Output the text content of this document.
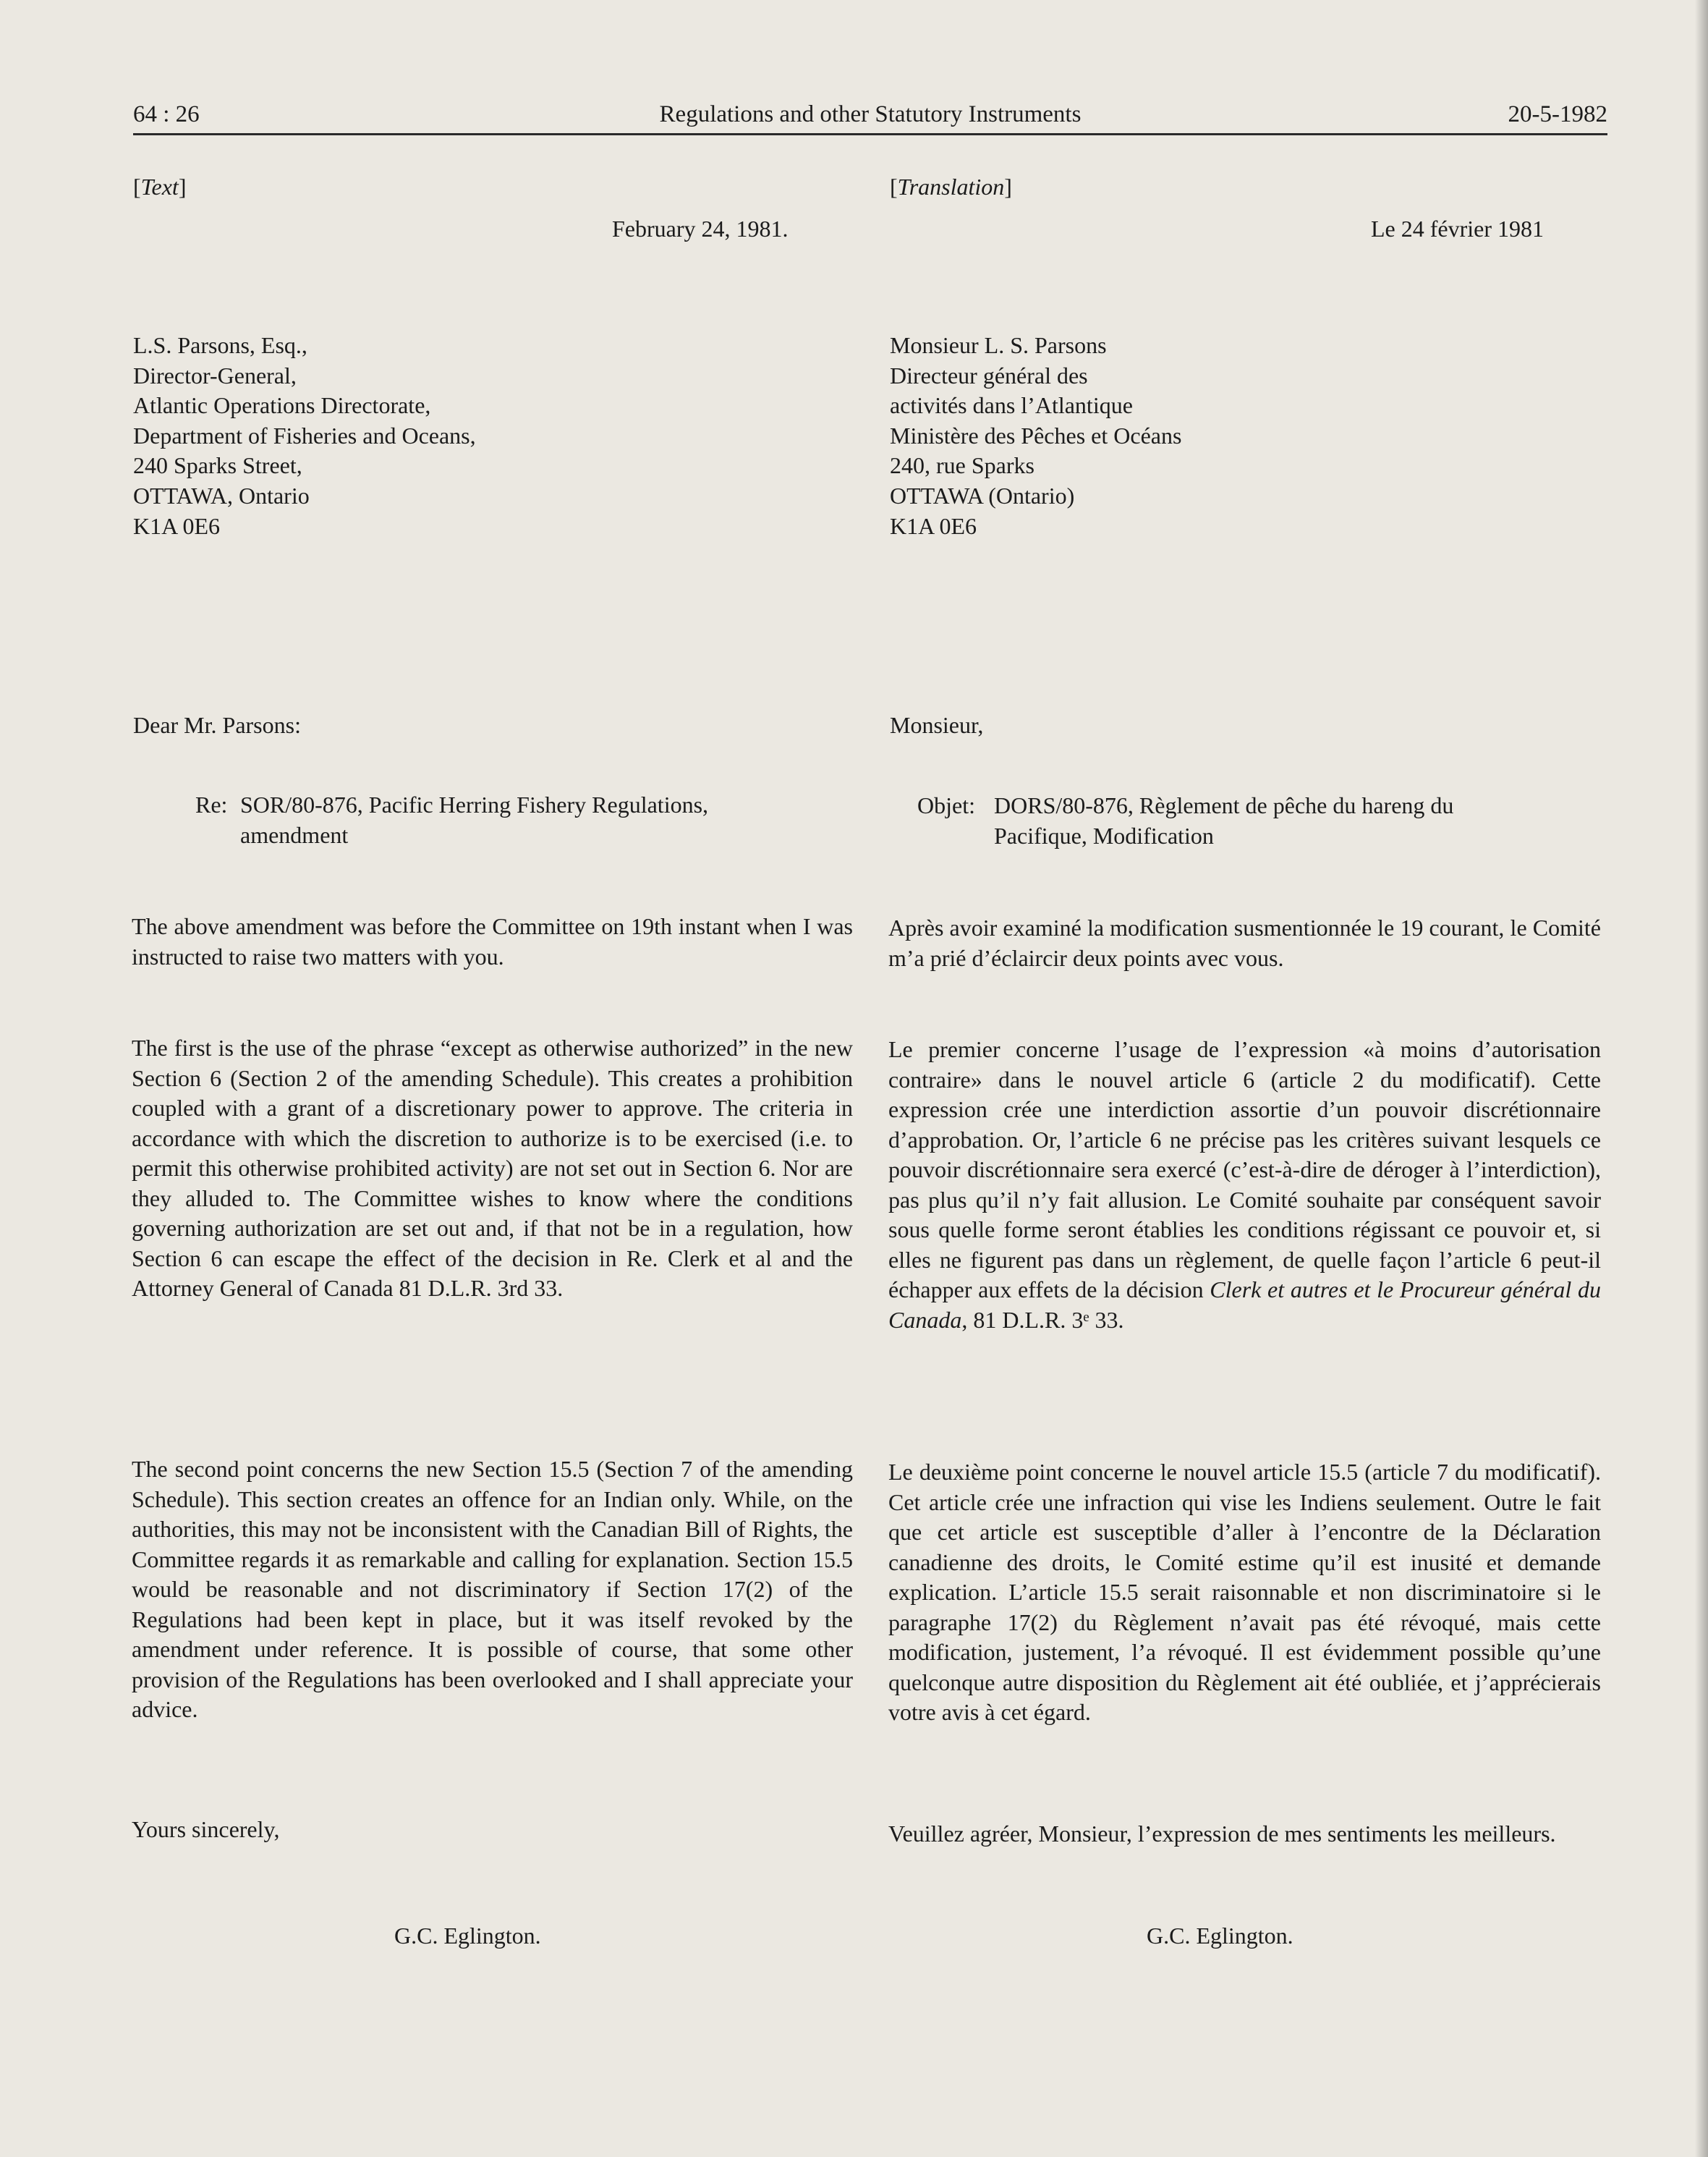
64 : 26	Regulations and other Statutory Instruments	20-5-1982
[Text]
February 24, 1981.
L.S. Parsons, Esq.,
Director-General,
Atlantic Operations Directorate,
Department of Fisheries and Oceans,
240 Sparks Street,
OTTAWA, Ontario
K1A 0E6
Dear Mr. Parsons:
Re: SOR/80-876, Pacific Herring Fishery Regulations,
amendment

The above amendment was before the Committee on 19th instant when I was instructed to raise two matters with you.

The first is the use of the phrase “except as otherwise authorized” in the new Section 6 (Section 2 of the amending Schedule). This creates a prohibition coupled with a grant of a discretionary power to approve. The criteria in accordance with which the discretion to authorize is to be exercised (i.e. to permit this otherwise prohibited activity) are not set out in Section 6. Nor are they alluded to. The Committee wishes to know where the conditions governing authorization are set out and, if that not be in a regulation, how Section 6 can escape the effect of the decision in Re. Clerk et al and the Attorney General of Canada 81 D.L.R. 3rd 33.

The second point concerns the new Section 15.5 (Section 7 of the amending Schedule). This section creates an offence for an Indian only. While, on the authorities, this may not be inconsistent with the Canadian Bill of Rights, the Committee regards it as remarkable and calling for explanation. Section 15.5 would be reasonable and not discriminatory if Section 17(2) of the Regulations had been kept in place, but it was itself revoked by the amendment under reference. It is possible of course, that some other provision of the Regulations has been overlooked and I shall appreciate your advice.

Yours sincerely,
G.C. Eglington.
[Translation]
Le 24 février 1981
Monsieur L. S. Parsons
Directeur général des
activités dans l’Atlantique
Ministère des Pêches et Océans
240, rue Sparks
OTTAWA (Ontario)
K1A 0E6
Monsieur,
Objet: DORS/80-876, Règlement de pêche du hareng du
Pacifique, Modification

Après avoir examiné la modification susmentionnée le 19 courant, le Comité m’a prié d’éclaircir deux points avec vous.

Le premier concerne l’usage de l’expression «à moins d’autorisation contraire» dans le nouvel article 6 (article 2 du modificatif). Cette expression crée une interdiction assortie d’un pouvoir discrétionnaire d’approbation. Or, l’article 6 ne précise pas les critères suivant lesquels ce pouvoir discrétionnaire sera exercé (c’est-à-dire de déroger à l’interdiction), pas plus qu’il n’y fait allusion. Le Comité souhaite par conséquent savoir sous quelle forme seront établies les conditions régissant ce pouvoir et, si elles ne figurent pas dans un règlement, de quelle façon l’article 6 peut-il échapper aux effets de la décision Clerk et autres et le Procureur général du Canada, 81 D.L.R. 3ᵉ 33.

Le deuxième point concerne le nouvel article 15.5 (article 7 du modificatif). Cet article crée une infraction qui vise les Indiens seulement. Outre le fait que cet article est susceptible d’aller à l’encontre de la Déclaration canadienne des droits, le Comité estime qu’il est inusité et demande explication. L’article 15.5 serait raisonnable et non discriminatoire si le paragraphe 17(2) du Règlement n’avait pas été révoqué, mais cette modification, justement, l’a révoqué. Il est évidemment possible qu’une quelconque autre disposition du Règlement ait été oubliée, et j’apprécierais votre avis à cet égard.

Veuillez agréer, Monsieur, l’expression de mes sentiments les meilleurs.

G.C. Eglington.
